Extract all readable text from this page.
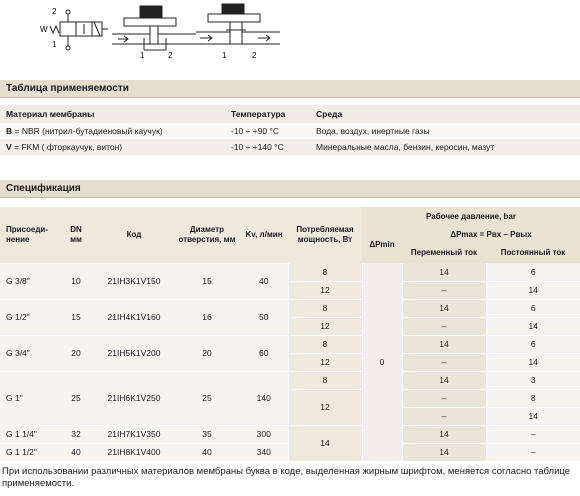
2
1
W
1	2	1	2
Таблица применяемости
Материал мембраны	Температура	Среда
B = NBR (нитрил-бутадиеновый каучук)	-10 ÷ +90 °C	Вода, воздух, инертные газы
V = FKM ( фторкаучук, витон)	-10 ÷ +140 °C	Минеральные масла, бензин, керосин, мазут
Спецификация
Присоеди-нение	DN
мм	Код	Диаметр отверстия, мм	Kv, л/мин	Потребляемая мощность, Вт	Рабочее давление, bar		
						ΔPmin	ΔPmax = Pвх – Pвых	
							Переменный ток	Постоянный ток
G 3/8"	10	21IH3K1V150	15	40	8	0	14	6
					12		–	14
G 1/2"	15	21IH4K1V160	16	50	8		14	6
					12		–	14
G 3/4"	20	21IH5K1V200	20	60	8		14	6
					12		–	14
G 1"	25	21IH6K1V250	25	140	8		14	3
					12		–	8
							–	14
G 1 1/4"	32	21IH7K1V350	35	300	14		14	–
G 1 1/2"	40	21IH8K1V400	40	340			14	–
При использовании различных материалов мембраны буква в коде, выделенная жирным шрифтом, меняется согласно таблице применяемости.
